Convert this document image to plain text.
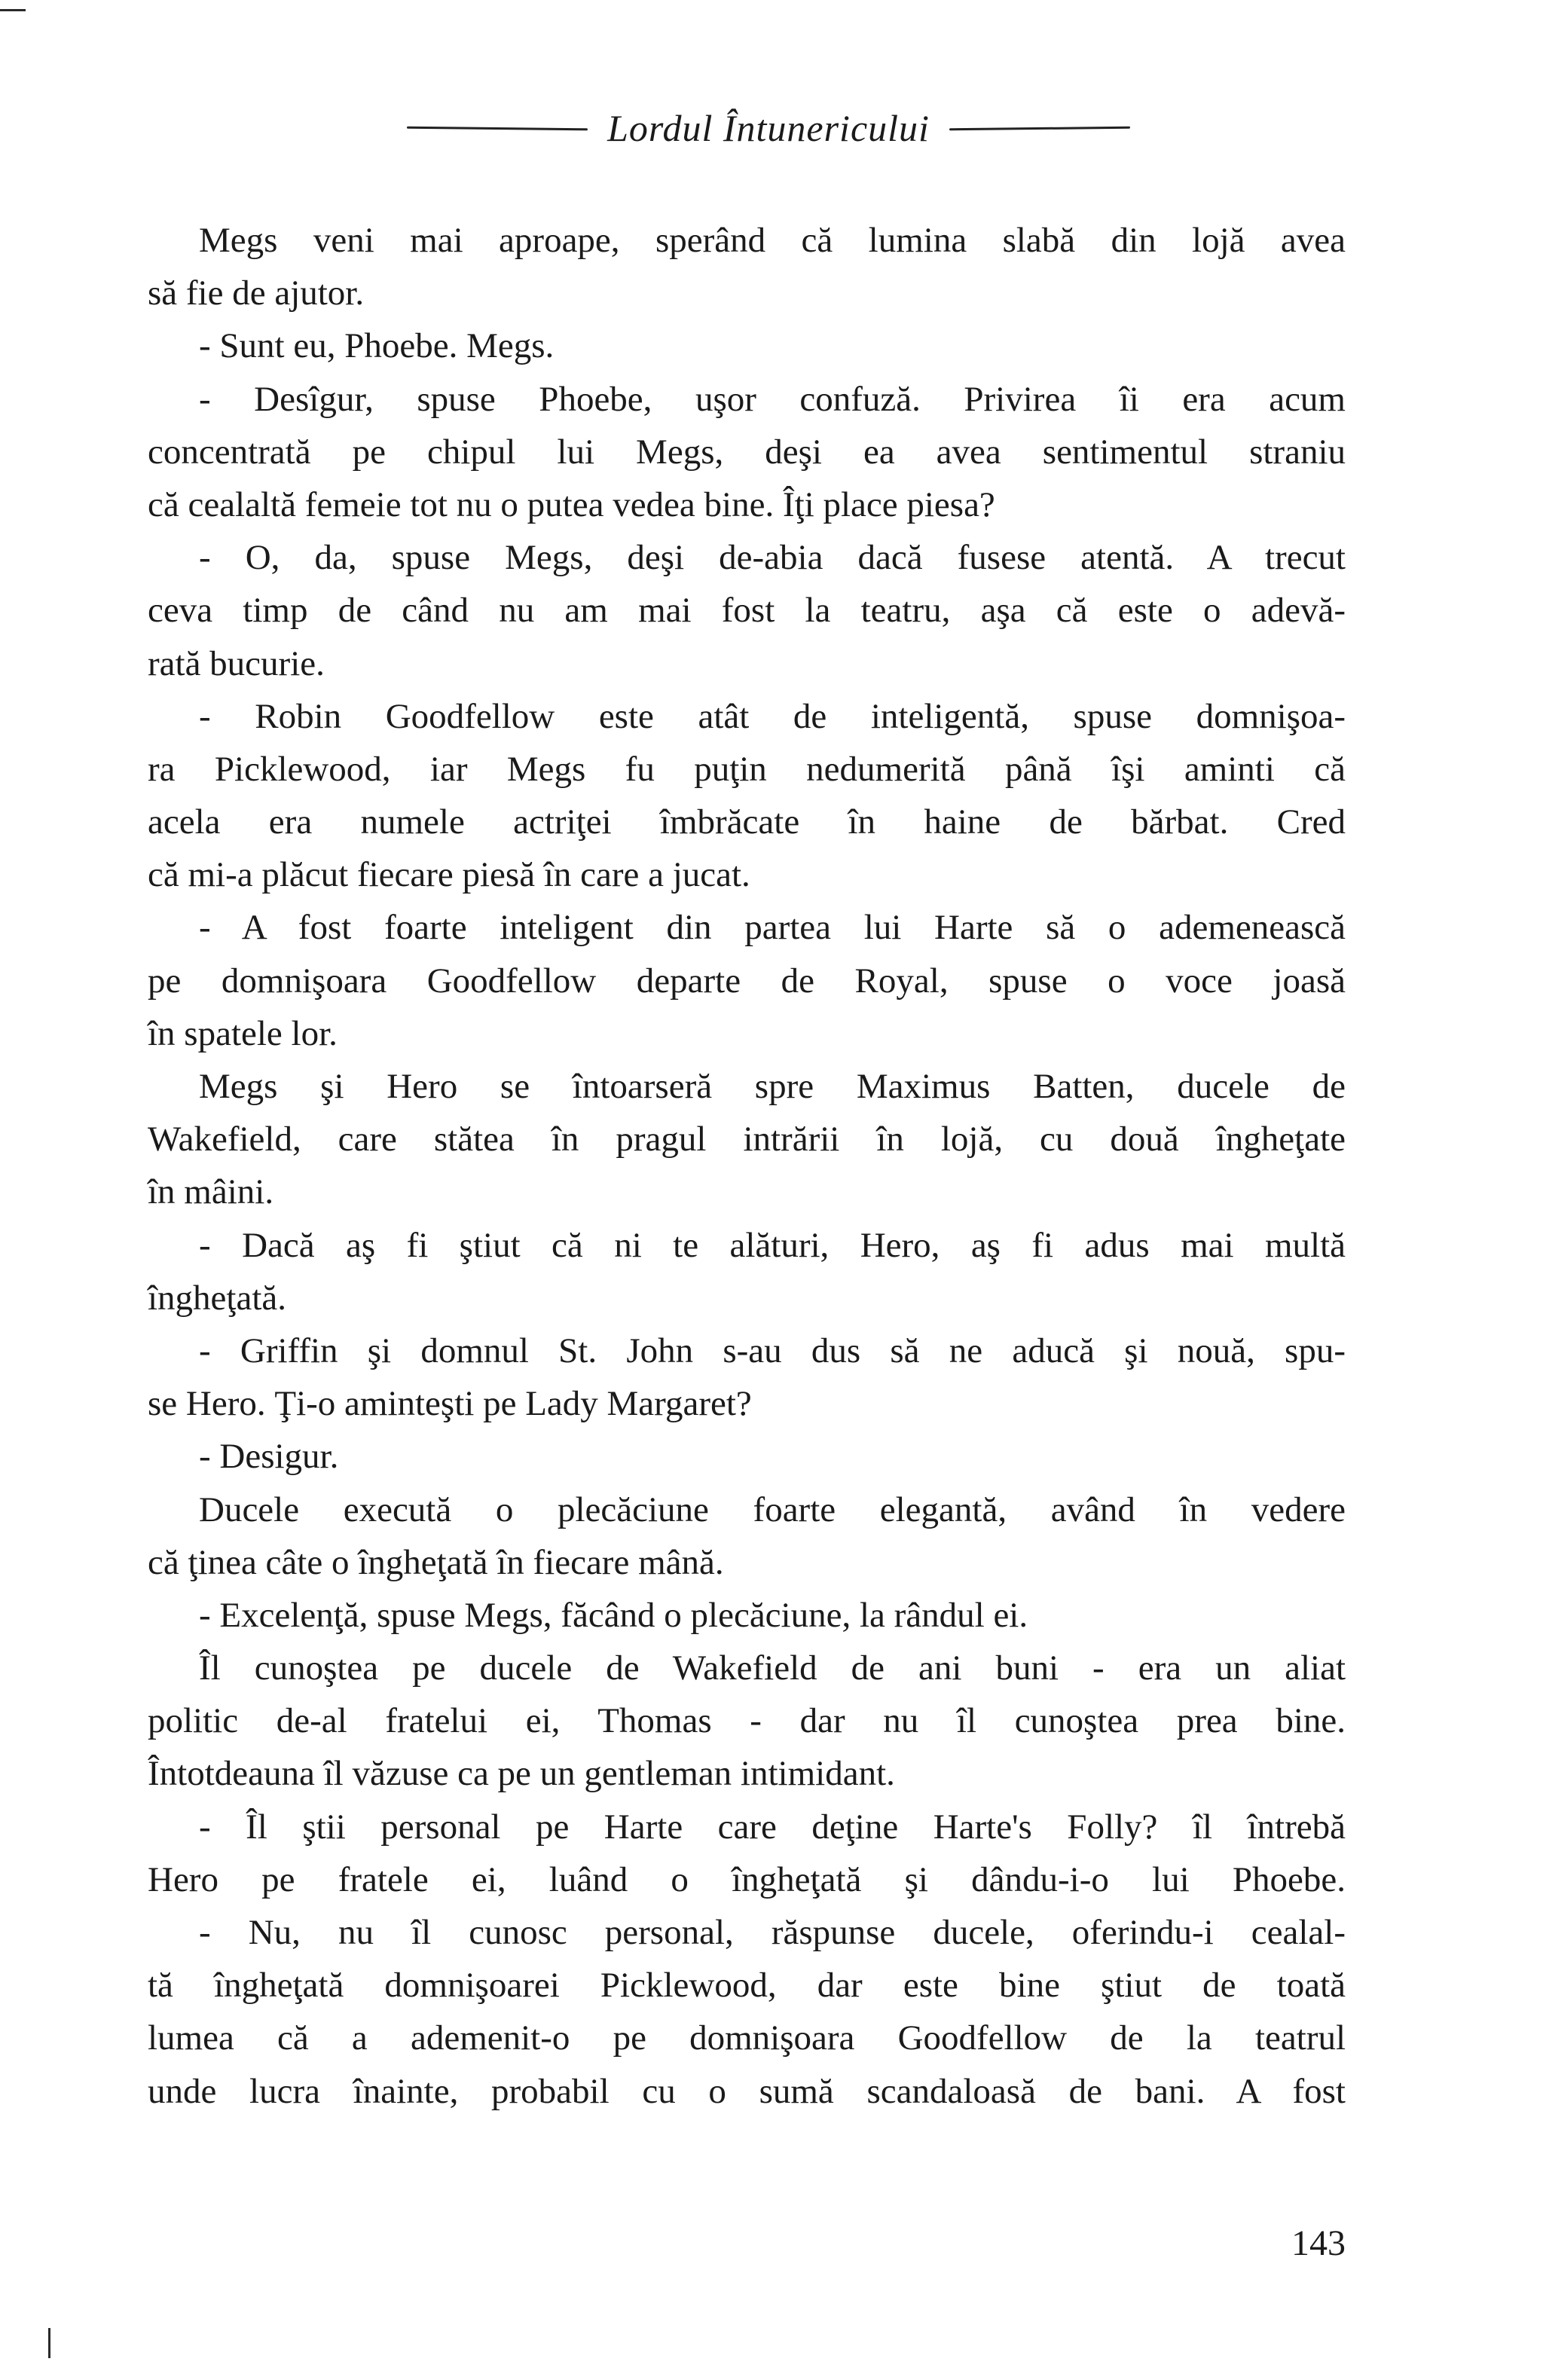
Lordul Întunericului
Megs veni mai aproape, sperând că lumina slabă din lojă avea
să fie de ajutor.
- Sunt eu, Phoebe. Megs.
- Desîgur, spuse Phoebe, uşor confuză. Privirea îi era acum
concentrată pe chipul lui Megs, deşi ea avea sentimentul straniu
că cealaltă femeie tot nu o putea vedea bine. Îţi place piesa?
- O, da, spuse Megs, deşi de-abia dacă fusese atentă. A trecut
ceva timp de când nu am mai fost la teatru, aşa că este o adevă-
rată bucurie.
- Robin Goodfellow este atât de inteligentă, spuse domnişoa-
ra Picklewood, iar Megs fu puţin nedumerită până îşi aminti că
acela era numele actriţei îmbrăcate în haine de bărbat. Cred
că mi-a plăcut fiecare piesă în care a jucat.
- A fost foarte inteligent din partea lui Harte să o ademenească
pe domnişoara Goodfellow departe de Royal, spuse o voce joasă
în spatele lor.
Megs şi Hero se întoarseră spre Maximus Batten, ducele de
Wakefield, care stătea în pragul intrării în lojă, cu două îngheţate
în mâini.
- Dacă aş fi ştiut că ni te alături, Hero, aş fi adus mai multă
îngheţată.
- Griffin şi domnul St. John s-au dus să ne aducă şi nouă, spu-
se Hero. Ţi-o aminteşti pe Lady Margaret?
- Desigur.
Ducele execută o plecăciune foarte elegantă, având în vedere
că ţinea câte o îngheţată în fiecare mână.
- Excelenţă, spuse Megs, făcând o plecăciune, la rândul ei.
Îl cunoştea pe ducele de Wakefield de ani buni - era un aliat
politic de-al fratelui ei, Thomas - dar nu îl cunoştea prea bine.
Întotdeauna îl văzuse ca pe un gentleman intimidant.
- Îl ştii personal pe Harte care deţine Harte's Folly? îl întrebă
Hero pe fratele ei, luând o îngheţată şi dându-i-o lui Phoebe.
- Nu, nu îl cunosc personal, răspunse ducele, oferindu-i cealal-
tă îngheţată domnişoarei Picklewood, dar este bine ştiut de toată
lumea că a ademenit-o pe domnişoara Goodfellow de la teatrul
unde lucra înainte, probabil cu o sumă scandaloasă de bani. A fost
143
